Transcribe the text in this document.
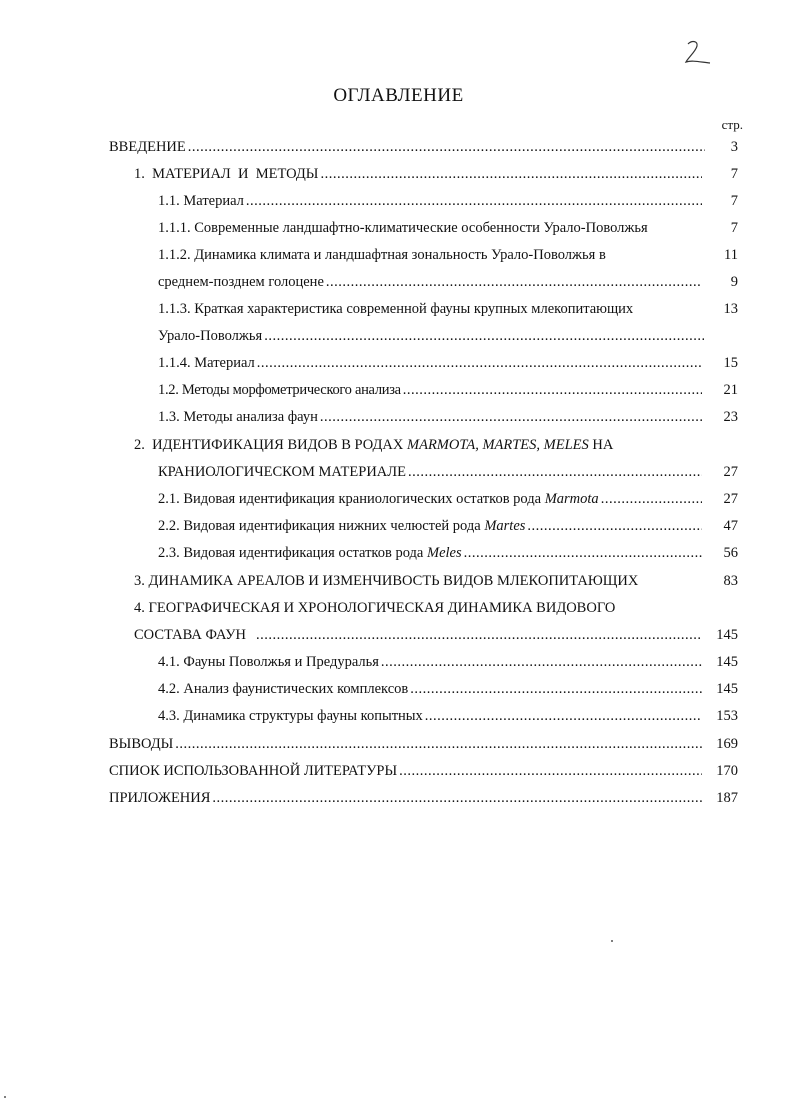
ОГЛАВЛЕНИЕ
стр.
ВВЕДЕНИЕ .....	3
1.  МАТЕРИАЛ  И  МЕТОДЫ .....	7
1.1. Материал .....	7
1.1.1. Современные ландшафтно-климатические особенности Урало-Поволжья	7
1.1.2. Динамика климата и ландшафтная зональность Урало-Поволжья в	11
среднем-позднем голоцене .....	9
1.1.3. Краткая характеристика современной фауны крупных млекопитающих	13
Урало-Поволжья
.....
1.1.4. Материал .....	15
1.2. Методы морфометрического анализа .....	21
1.3. Методы анализа фаун .....	23
2.  ИДЕНТИФИКАЦИЯ ВИДОВ В РОДАХ MARMOTA, MARTES, MELES НА
КРАНИОЛОГИЧЕСКОМ МАТЕРИАЛЕ .....	27
2.1. Видовая идентификация краниологических остатков рода Marmota .....	27
2.2. Видовая идентификация нижних челюстей рода Martes .....	47
2.3. Видовая идентификация остатков рода Meles .....	56
3. ДИНАМИКА АРЕАЛОВ И ИЗМЕНЧИВОСТЬ ВИДОВ МЛЕКОПИТАЮЩИХ	83
4. ГЕОГРАФИЧЕСКАЯ И ХРОНОЛОГИЧЕСКАЯ ДИНАМИКА ВИДОВОГО
СОСТАВА ФАУН .....	145
4.1. Фауны Поволжья и Предуралья .....	145
4.2. Анализ фаунистических комплексов .....	145
4.3. Динамика структуры фауны копытных .....	153
ВЫВОДЫ .....	169
СПИОК ИСПОЛЬЗОВАННОЙ ЛИТЕРАТУРЫ .....	170
ПРИЛОЖЕНИЯ .....	187
